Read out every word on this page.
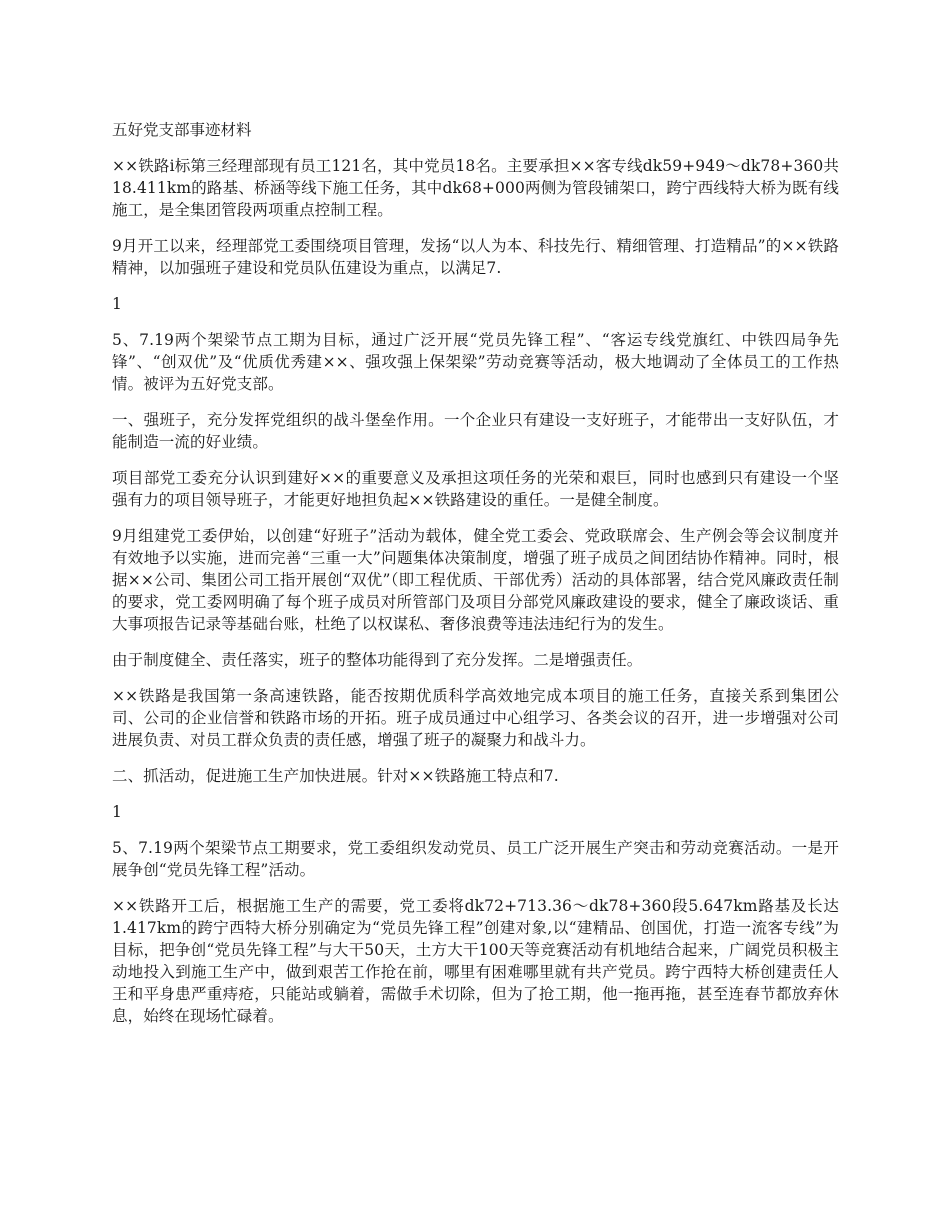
五好党支部事迹材料

××铁路i标第三经理部现有员工121名，其中党员18名。主要承担××客专线dk59+949～dk78+360共18.411km的路基、桥涵等线下施工任务，其中dk68+000两侧为管段铺架口，跨宁西线特大桥为既有线施工，是全集团管段两项重点控制工程。

9月开工以来，经理部党工委围绕项目管理，发扬“以人为本、科技先行、精细管理、打造精品”的××铁路精神，以加强班子建设和党员队伍建设为重点，以满足7.

1

5、7.19两个架梁节点工期为目标，通过广泛开展“党员先锋工程”、“客运专线党旗红、中铁四局争先锋”、“创双优”及“优质优秀建××、强攻强上保架梁”劳动竞赛等活动，极大地调动了全体员工的工作热情。被评为五好党支部。

一、强班子，充分发挥党组织的战斗堡垒作用。一个企业只有建设一支好班子，才能带出一支好队伍，才能制造一流的好业绩。

项目部党工委充分认识到建好××的重要意义及承担这项任务的光荣和艰巨，同时也感到只有建设一个坚强有力的项目领导班子，才能更好地担负起××铁路建设的重任。一是健全制度。

9月组建党工委伊始，以创建“好班子”活动为载体，健全党工委会、党政联席会、生产例会等会议制度并有效地予以实施，进而完善“三重一大”问题集体决策制度，增强了班子成员之间团结协作精神。同时，根据××公司、集团公司工指开展创“双优”（即工程优质、干部优秀）活动的具体部署，结合党风廉政责任制的要求，党工委网明确了每个班子成员对所管部门及项目分部党风廉政建设的要求，健全了廉政谈话、重大事项报告记录等基础台账，杜绝了以权谋私、奢侈浪费等违法违纪行为的发生。

由于制度健全、责任落实，班子的整体功能得到了充分发挥。二是增强责任。

××铁路是我国第一条高速铁路，能否按期优质科学高效地完成本项目的施工任务，直接关系到集团公司、公司的企业信誉和铁路市场的开拓。班子成员通过中心组学习、各类会议的召开，进一步增强对公司进展负责、对员工群众负责的责任感，增强了班子的凝聚力和战斗力。

二、抓活动，促进施工生产加快进展。针对××铁路施工特点和7.

1

5、7.19两个架梁节点工期要求，党工委组织发动党员、员工广泛开展生产突击和劳动竞赛活动。一是开展争创“党员先锋工程”活动。

××铁路开工后，根据施工生产的需要，党工委将dk72+713.36～dk78+360段5.647km路基及长达1.417km的跨宁西特大桥分别确定为“党员先锋工程”创建对象,以“建精品、创国优，打造一流客专线”为目标，把争创“党员先锋工程”与大干50天，土方大干100天等竞赛活动有机地结合起来，广阔党员积极主动地投入到施工生产中，做到艰苦工作抢在前，哪里有困难哪里就有共产党员。跨宁西特大桥创建责任人王和平身患严重痔疮，只能站或躺着，需做手术切除，但为了抢工期，他一拖再拖，甚至连春节都放弃休息，始终在现场忙碌着。
